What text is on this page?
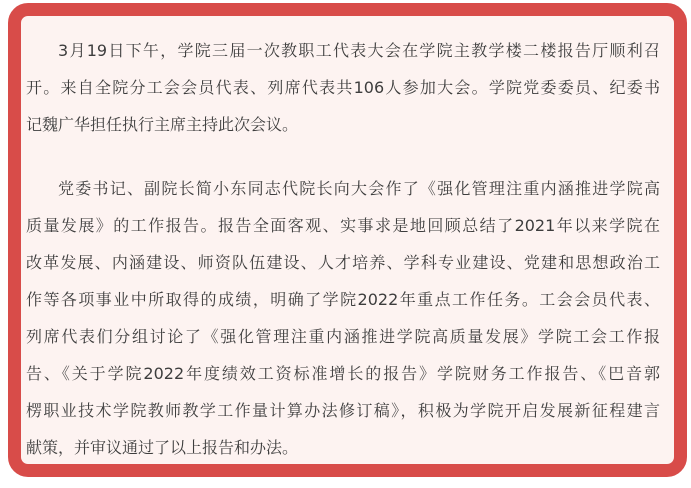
3月19日下午，学院三届一次教职工代表大会在学院主教学楼二楼报告厅顺利召
开。来自全院分工会会员代表、列席代表共106人参加大会。学院党委委员、纪委书
记魏广华担任执行主席主持此次会议。
党委书记、副院长简小东同志代院长向大会作了《强化管理注重内涵推进学院高
质量发展》的工作报告。报告全面客观、实事求是地回顾总结了2021年以来学院在
改革发展、内涵建设、师资队伍建设、人才培养、学科专业建设、党建和思想政治工
作等各项事业中所取得的成绩，明确了学院2022年重点工作任务。工会会员代表、
列席代表们分组讨论了《强化管理注重内涵推进学院高质量发展》学院工会工作报
告、《关于学院2022年度绩效工资标准增长的报告》学院财务工作报告、《巴音郭
楞职业技术学院教师教学工作量计算办法修订稿》，积极为学院开启发展新征程建言
献策，并审议通过了以上报告和办法。
